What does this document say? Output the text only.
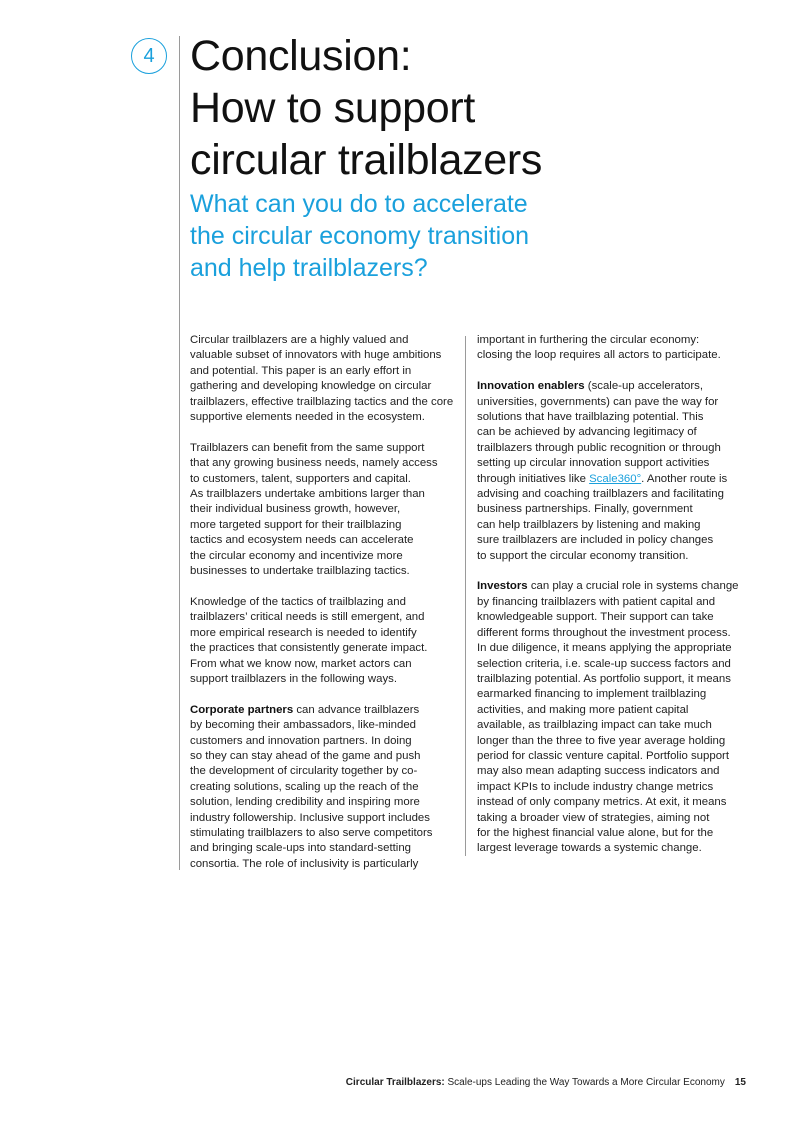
4 Conclusion:
How to support
circular trailblazers
What can you do to accelerate
the circular economy transition
and help trailblazers?

Circular trailblazers are a highly valued and
valuable subset of innovators with huge ambitions
and potential. This paper is an early effort in
gathering and developing knowledge on circular
trailblazers, effective trailblazing tactics and the core
supportive elements needed in the ecosystem.

Trailblazers can benefit from the same support
that any growing business needs, namely access
to customers, talent, supporters and capital.
As trailblazers undertake ambitions larger than
their individual business growth, however,
more targeted support for their trailblazing
tactics and ecosystem needs can accelerate
the circular economy and incentivize more
businesses to undertake trailblazing tactics.

Knowledge of the tactics of trailblazing and
trailblazers’ critical needs is still emergent, and
more empirical research is needed to identify
the practices that consistently generate impact.
From what we know now, market actors can
support trailblazers in the following ways.

Corporate partners can advance trailblazers
by becoming their ambassadors, like-minded
customers and innovation partners. In doing
so they can stay ahead of the game and push
the development of circularity together by co-
creating solutions, scaling up the reach of the
solution, lending credibility and inspiring more
industry followership. Inclusive support includes
stimulating trailblazers to also serve competitors
and bringing scale-ups into standard-setting
consortia. The role of inclusivity is particularly

important in furthering the circular economy:
closing the loop requires all actors to participate.

Innovation enablers (scale-up accelerators,
universities, governments) can pave the way for
solutions that have trailblazing potential. This
can be achieved by advancing legitimacy of
trailblazers through public recognition or through
setting up circular innovation support activities
through initiatives like Scale360°. Another route is
advising and coaching trailblazers and facilitating
business partnerships. Finally, government
can help trailblazers by listening and making
sure trailblazers are included in policy changes
to support the circular economy transition.

Investors can play a crucial role in systems change
by financing trailblazers with patient capital and
knowledgeable support. Their support can take
different forms throughout the investment process.
In due diligence, it means applying the appropriate
selection criteria, i.e. scale-up success factors and
trailblazing potential. As portfolio support, it means
earmarked financing to implement trailblazing
activities, and making more patient capital
available, as trailblazing impact can take much
longer than the three to five year average holding
period for classic venture capital. Portfolio support
may also mean adapting success indicators and
impact KPIs to include industry change metrics
instead of only company metrics. At exit, it means
taking a broader view of strategies, aiming not
for the highest financial value alone, but for the
largest leverage towards a systemic change.

Circular Trailblazers: Scale-ups Leading the Way Towards a More Circular Economy 15
